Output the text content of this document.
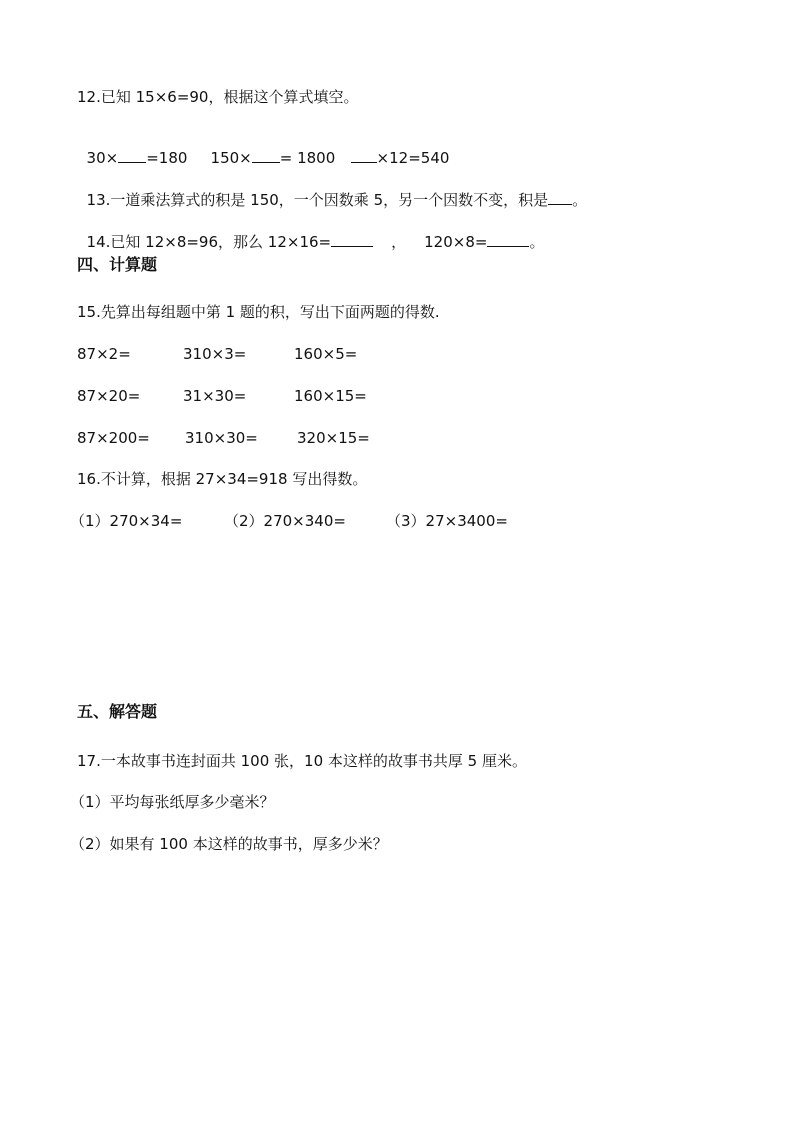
12.已知 15×6=90，根据这个算式填空。

30× =180	150× = 1800	×12=540

13.一道乘法算式的积是 150，一个因数乘 5，另一个因数不变，积是 。

14.已知 12×8=96，那么 12×16=	， 120×8=	。

四、计算题
15.先算出每组题中第 1 题的积，写出下面两题的得数.
87×2=	310×3=	160×5=
87×20=	31×30=	160×15=
87×200= 310×30=	320×15=
16.不计算，根据 27×34=918 写出得数。
（1）270×34=	（2）270×340=	（3）27×3400=
五、解答题
17.一本故事书连封面共 100 张，10 本这样的故事书共厚 5 厘米。
（1）平均每张纸厚多少毫米？
（2）如果有 100 本这样的故事书，厚多少米？
